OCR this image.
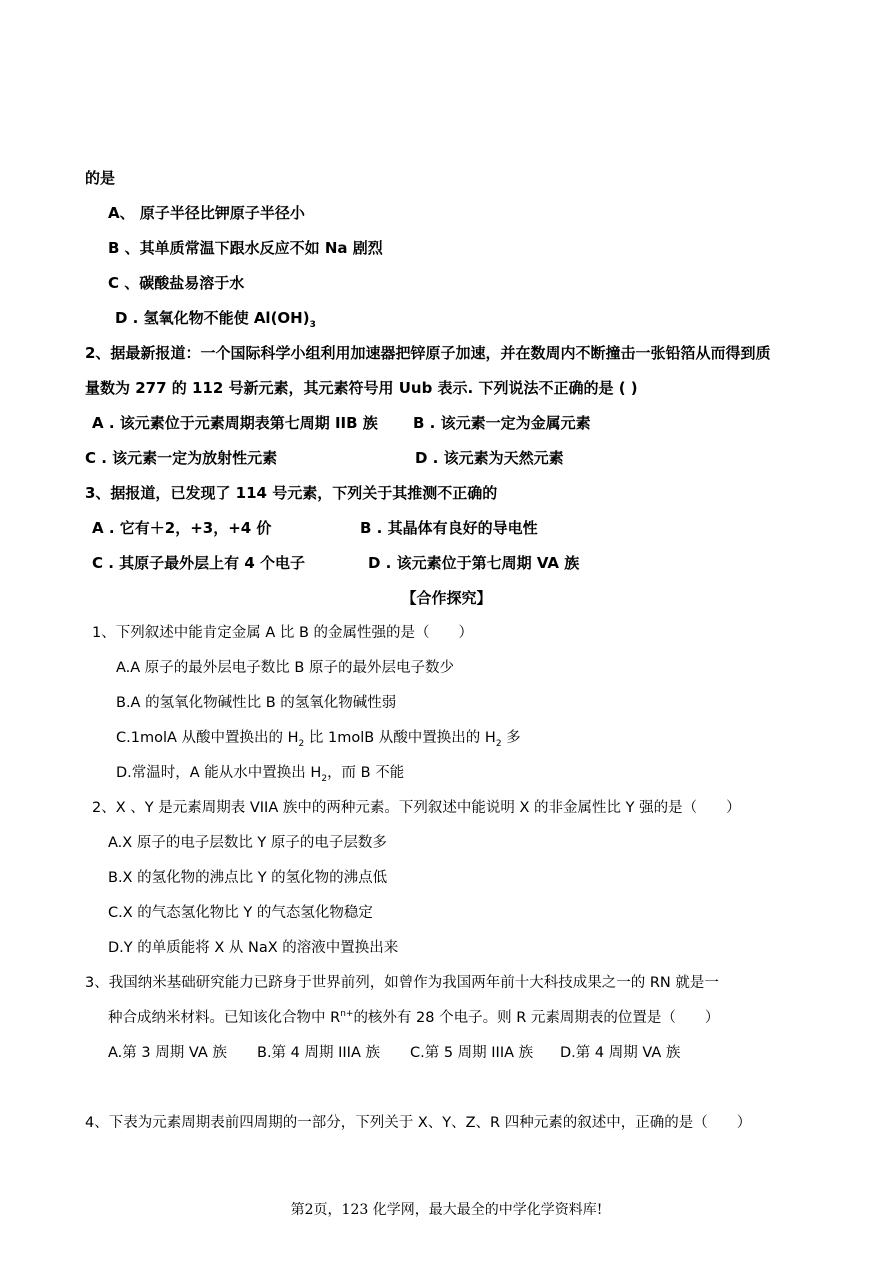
的是
A、 原子半径比钾原子半径小
B 、其单质常温下跟水反应不如 Na 剧烈
C 、碳酸盐易溶于水
D . 氢氧化物不能使 $Al(OH)_3$
2、据最新报道：一个国际科学小组利用加速器把锌原子加速，并在数周内不断撞击一张铅箔从而得到质
量数为 277 的 112 号新元素，其元素符号用 Uub 表示. 下列说法不正确的是 ( )
A . 该元素位于元素周期表第七周期 IIB 族 B . 该元素一定为金属元素
C . 该元素一定为放射性元素	D . 该元素为天然元素
3、据报道，已发现了 114 号元素，下列关于其推测不正确的
A . 它有＋2，+3，+4 价	B . 其晶体有良好的导电性
C . 其原子最外层上有 4 个电子	D . 该元素位于第七周期 VA 族
【合作探究】
1、下列叙述中能肯定金属 A 比 B 的金属性强的是（　　）
A.A 原子的最外层电子数比 B 原子的最外层电子数少
B.A 的氢氧化物碱性比 B 的氢氧化物碱性弱
C.1molA 从酸中置换出的 $H_2$ 比 1molB 从酸中置换出的 $H_2$ 多
D.常温时，A 能从水中置换出 $H_2$，而 B 不能
2、X 、Y 是元素周期表 VIIA 族中的两种元素。下列叙述中能说明 X 的非金属性比 Y 强的是（　　）
A.X 原子的电子层数比 Y 原子的电子层数多
B.X 的氢化物的沸点比 Y 的氢化物的沸点低
C.X 的气态氢化物比 Y 的气态氢化物稳定
D.Y 的单质能将 X 从 NaX 的溶液中置换出来
3、我国纳米基础研究能力已跻身于世界前列，如曾作为我国两年前十大科技成果之一的 RN 就是一
种合成纳米材料。已知该化合物中 $R^{n+}$的核外有 28 个电子。则 R 元素周期表的位置是（　　）
A.第 3 周期 VA 族 B.第 4 周期 IIIA 族 C.第 5 周期 IIIA 族 D.第 4 周期 VA 族
4、下表为元素周期表前四周期的一部分，下列关于 X、Y、Z、R 四种元素的叙述中，正确的是（　　）
第2页，123 化学网，最大最全的中学化学资料库!
